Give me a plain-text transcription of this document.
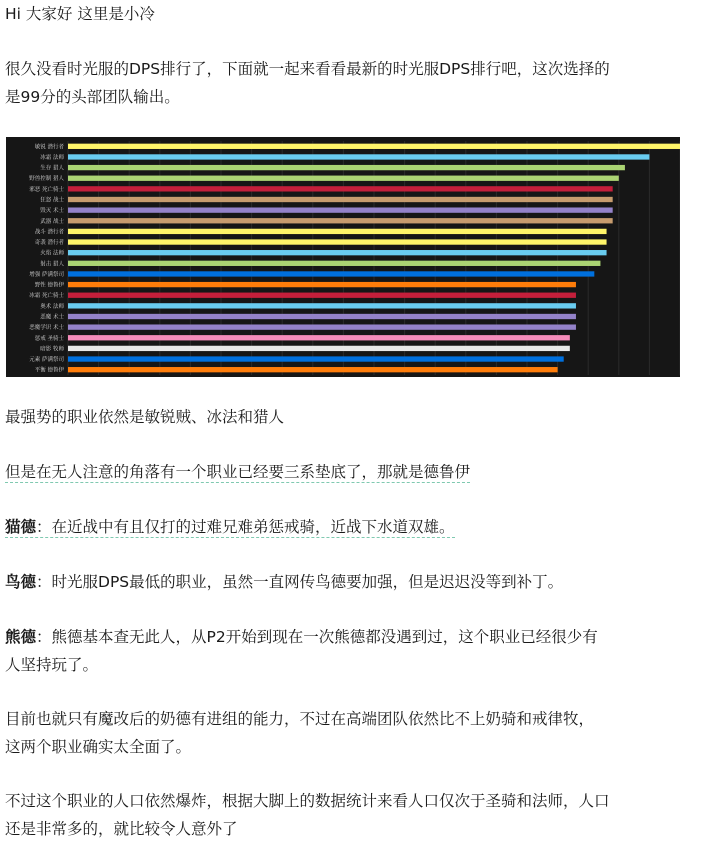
Hi 大家好 这里是小冷

很久没看时光服的DPS排行了，下面就一起来看看最新的时光服DPS排行吧，这次选择的
是99分的头部团队输出。
敏锐 潜行者
冰霜 法师
生存 猎人
野兽控制 猎人
邪恶 死亡骑士
狂怒 战士
毁灭 术士
武器 战士
战斗 潜行者
奇袭 潜行者
火焰 法师
射击 猎人
增强 萨满祭司
野性 德鲁伊
冰霜 死亡骑士
奥术 法师
恶魔 术士
恶魔学识 术士
惩戒 圣骑士
暗影 牧师
元素 萨满祭司
平衡 德鲁伊

最强势的职业依然是敏锐贼、冰法和猎人

但是在无人注意的角落有一个职业已经要三系垫底了，那就是德鲁伊

猫德：在近战中有且仅打的过难兄难弟惩戒骑，近战下水道双雄。

鸟德：时光服DPS最低的职业，虽然一直网传鸟德要加强，但是迟迟没等到补丁。

熊德：熊德基本查无此人，从P2开始到现在一次熊德都没遇到过，这个职业已经很少有
人坚持玩了。
目前也就只有魔改后的奶德有进组的能力，不过在高端团队依然比不上奶骑和戒律牧，
这两个职业确实太全面了。
不过这个职业的人口依然爆炸，根据大脚上的数据统计来看人口仅次于圣骑和法师，人口
还是非常多的，就比较令人意外了
